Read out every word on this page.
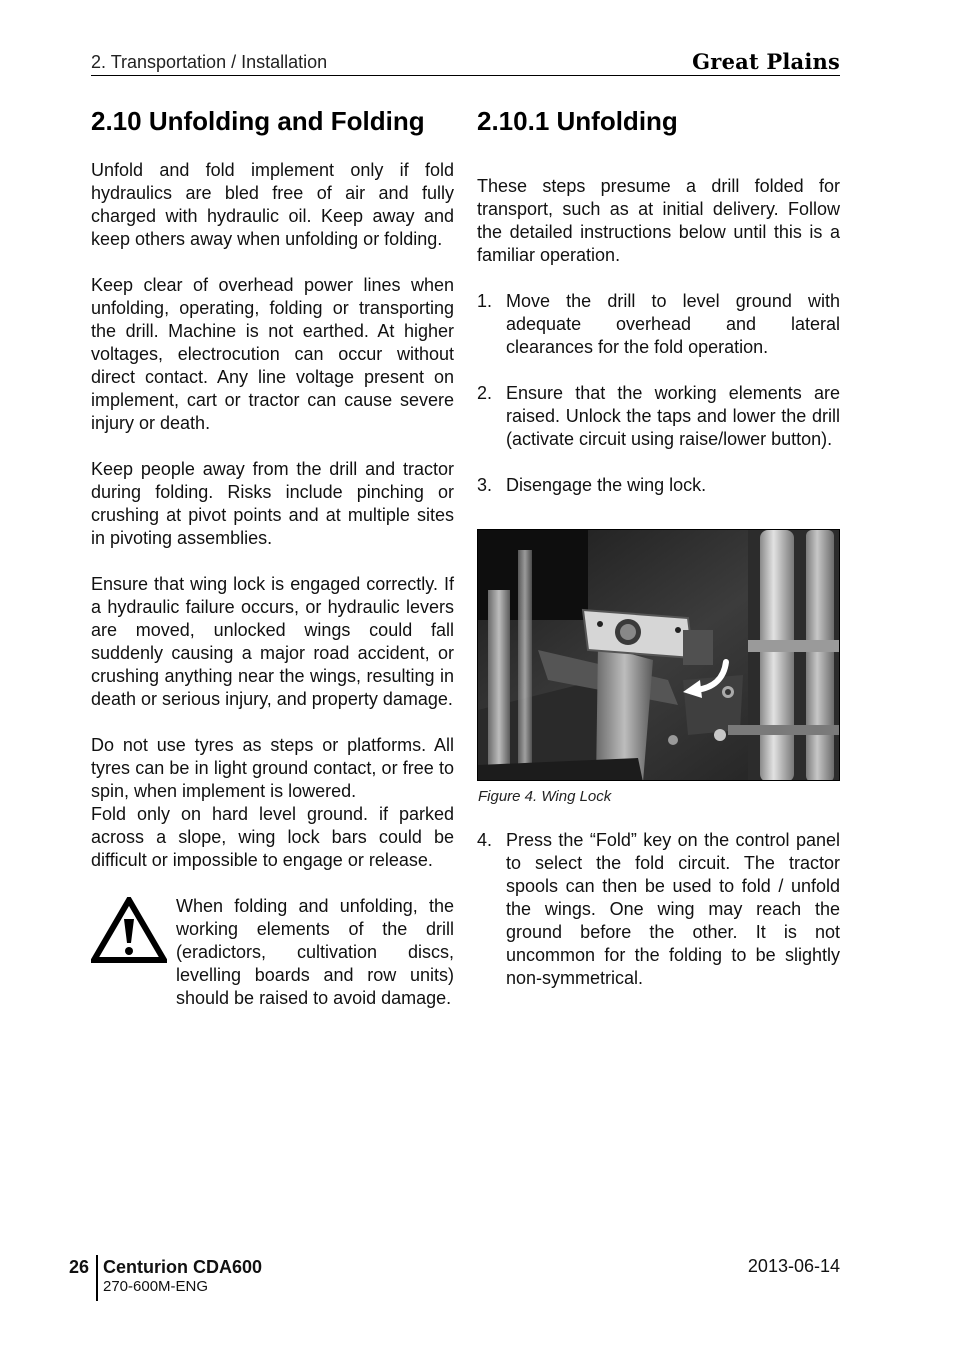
2. Transportation / Installation	Great Plains
2.10 Unfolding and Folding

Unfold and fold implement only if fold hydraulics are bled free of air and fully charged with hydraulic oil. Keep away and keep others away when unfolding or folding.

Keep clear of overhead power lines when unfolding, operating, folding or transporting the drill. Machine is not earthed. At higher voltages, electrocution can occur without direct contact. Any line voltage present on implement, cart or tractor can cause severe injury or death.

Keep people away from the drill and tractor during folding. Risks include pinching or crushing at pivot points and at multiple sites in pivoting assemblies.

Ensure that wing lock is engaged correctly. If a hydraulic failure occurs, or hydraulic levers are moved, unlocked wings could fall suddenly causing a major road accident, or crushing anything near the wings, resulting in death or serious injury, and property damage.

Do not use tyres as steps or platforms. All tyres can be in light ground contact, or free to spin, when implement is lowered.

Fold only on hard level ground. if parked across a slope, wing lock bars could be difficult or impossible to engage or release.

When folding and unfolding, the working elements of the drill (eradictors, cultivation discs, levelling boards and row units) should be raised to avoid damage.
2.10.1 Unfolding

These steps presume a drill folded for transport, such as at initial delivery. Follow the detailed instructions below until this is a familiar operation.

1. Move the drill to level ground with adequate overhead and lateral clearances for the fold operation.
2. Ensure that the working elements are raised. Unlock the taps and lower the drill (activate circuit using raise/lower button).
3. Disengage the wing lock.
Figure 4. Wing Lock
4. Press the “Fold” key on the control panel to select the fold circuit. The tractor spools can then be used to fold / unfold the wings. One wing may reach the ground before the other. It is not uncommon for the folding to be slightly non-symmetrical.
26 Centurion CDA600
270-600M-ENG
2013-06-14
